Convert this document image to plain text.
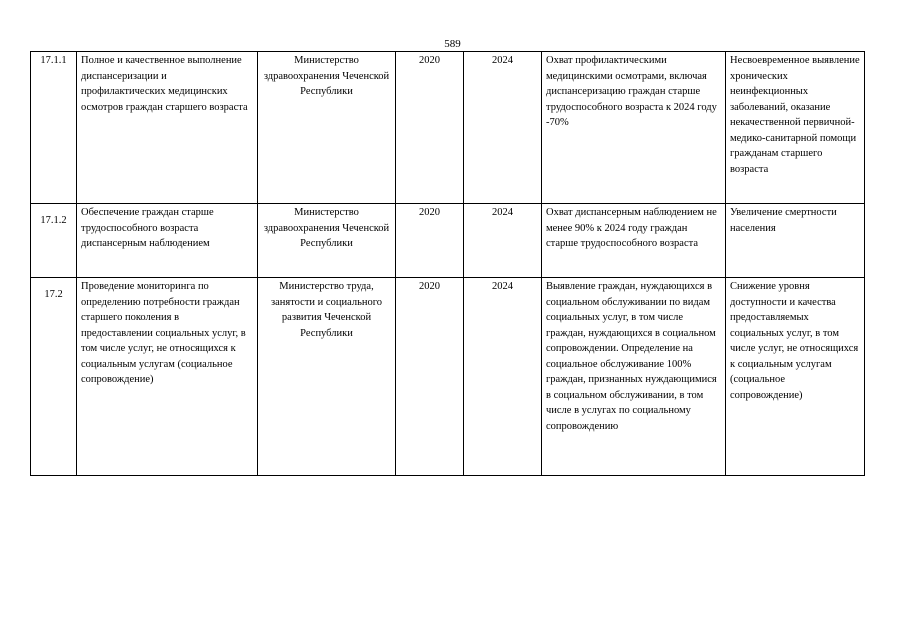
589
17.1.1	Полное и качественное выполнение диспансеризации и профилактических медицинских осмотров граждан старшего возраста	Министерство здравоохранения Чеченской Республики	2020	2024	Охват профилактическими медицинскими осмотрами, включая диспансеризацию граждан старше трудоспособного возраста к 2024 году -70%	Несвоевременное выявление хронических неинфекционных заболеваний, оказание некачественной первичной-медико-санитарной помощи гражданам старшего возраста
17.1.2	Обеспечение граждан старше трудоспособного возраста диспансерным наблюдением	Министерство здравоохранения Чеченской Республики	2020	2024	Охват диспансерным наблюдением не менее 90% к 2024 году граждан старше трудоспособного возраста	Увеличение смертности населения
17.2	Проведение мониторинга по определению потребности граждан старшего поколения в предоставлении социальных услуг, в том числе услуг, не относящихся к социальным услугам (социальное сопровождение)	Министерство труда, занятости и социального развития Чеченской Республики	2020	2024	Выявление граждан, нуждающихся в социальном обслуживании по видам социальных услуг, в том числе граждан, нуждающихся в социальном сопровождении. Определение на социальное обслуживание 100% граждан, признанных нуждающимися в социальном обслуживании, в том числе в услугах по социальному сопровождению	Снижение уровня доступности и качества предоставляемых социальных услуг, в том числе услуг, не относящихся к социальным услугам (социальное сопровождение)
